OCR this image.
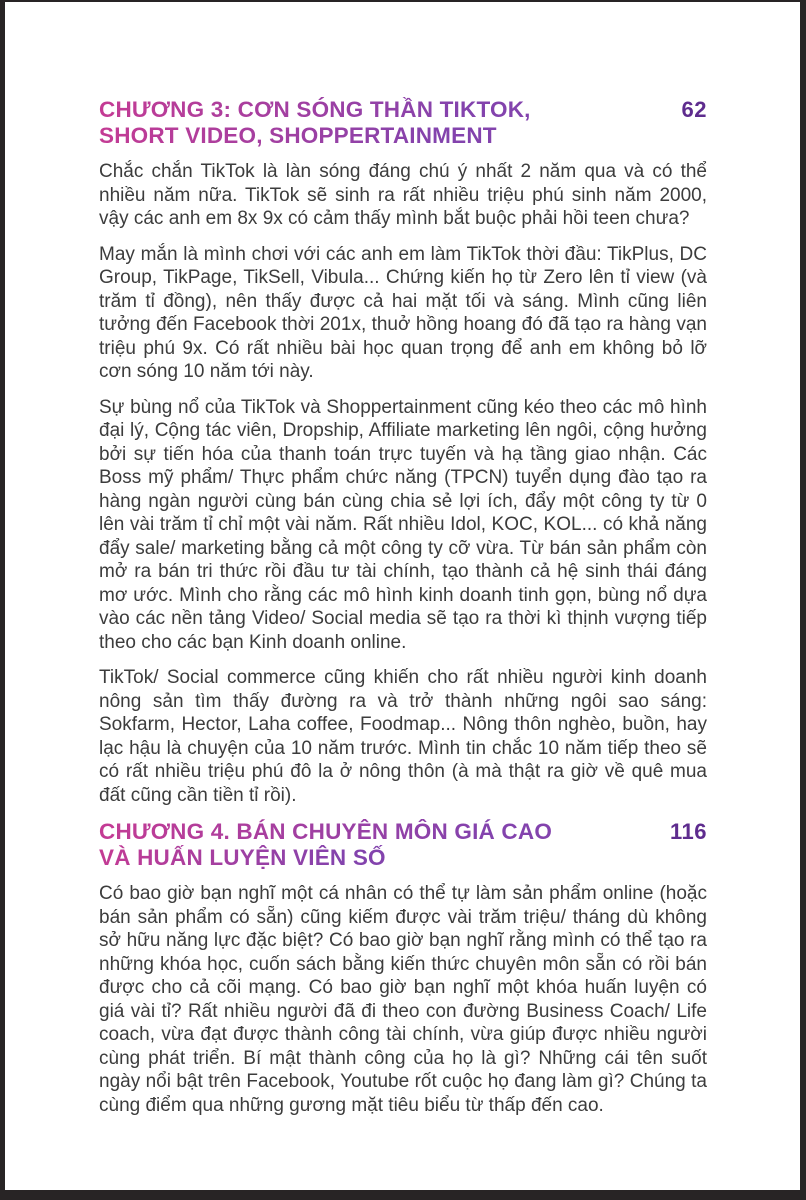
CHƯƠNG 3: CƠN SÓNG THẦN TIKTOK,
SHORT VIDEO, SHOPPERTAINMENT
62

Chắc chắn TikTok là làn sóng đáng chú ý nhất 2 năm qua và có thể nhiều năm nữa. TikTok sẽ sinh ra rất nhiều triệu phú sinh năm 2000, vậy các anh em 8x 9x có cảm thấy mình bắt buộc phải hồi teen chưa?

May mắn là mình chơi với các anh em làm TikTok thời đầu: TikPlus, DC Group, TikPage, TikSell, Vibula... Chứng kiến họ từ Zero lên tỉ view (và trăm tỉ đồng), nên thấy được cả hai mặt tối và sáng. Mình cũng liên tưởng đến Facebook thời 201x, thuở hồng hoang đó đã tạo ra hàng vạn triệu phú 9x. Có rất nhiều bài học quan trọng để anh em không bỏ lỡ cơn sóng 10 năm tới này.

Sự bùng nổ của TikTok và Shoppertainment cũng kéo theo các mô hình đại lý, Cộng tác viên, Dropship, Affiliate marketing lên ngôi, cộng hưởng bởi sự tiến hóa của thanh toán trực tuyến và hạ tầng giao nhận. Các Boss mỹ phẩm/ Thực phẩm chức năng (TPCN) tuyển dụng đào tạo ra hàng ngàn người cùng bán cùng chia sẻ lợi ích, đẩy một công ty từ 0 lên vài trăm tỉ chỉ một vài năm. Rất nhiều Idol, KOC, KOL... có khả năng đẩy sale/ marketing bằng cả một công ty cỡ vừa. Từ bán sản phẩm còn mở ra bán tri thức rồi đầu tư tài chính, tạo thành cả hệ sinh thái đáng mơ ước. Mình cho rằng các mô hình kinh doanh tinh gọn, bùng nổ dựa vào các nền tảng Video/ Social media sẽ tạo ra thời kì thịnh vượng tiếp theo cho các bạn Kinh doanh online.

TikTok/ Social commerce cũng khiến cho rất nhiều người kinh doanh nông sản tìm thấy đường ra và trở thành những ngôi sao sáng: Sokfarm, Hector, Laha coffee, Foodmap... Nông thôn nghèo, buồn, hay lạc hậu là chuyện của 10 năm trước. Mình tin chắc 10 năm tiếp theo sẽ có rất nhiều triệu phú đô la ở nông thôn (à mà thật ra giờ về quê mua đất cũng cần tiền tỉ rồi).

CHƯƠNG 4. BÁN CHUYÊN MÔN GIÁ CAO
VÀ HUẤN LUYỆN VIÊN SỐ
116

Có bao giờ bạn nghĩ một cá nhân có thể tự làm sản phẩm online (hoặc bán sản phẩm có sẵn) cũng kiếm được vài trăm triệu/ tháng dù không sở hữu năng lực đặc biệt? Có bao giờ bạn nghĩ rằng mình có thể tạo ra những khóa học, cuốn sách bằng kiến thức chuyên môn sẵn có rồi bán được cho cả cõi mạng. Có bao giờ bạn nghĩ một khóa huấn luyện có giá vài tỉ? Rất nhiều người đã đi theo con đường Business Coach/ Life coach, vừa đạt được thành công tài chính, vừa giúp được nhiều người cùng phát triển. Bí mật thành công của họ là gì? Những cái tên suốt ngày nổi bật trên Facebook, Youtube rốt cuộc họ đang làm gì? Chúng ta cùng điểm qua những gương mặt tiêu biểu từ thấp đến cao.
